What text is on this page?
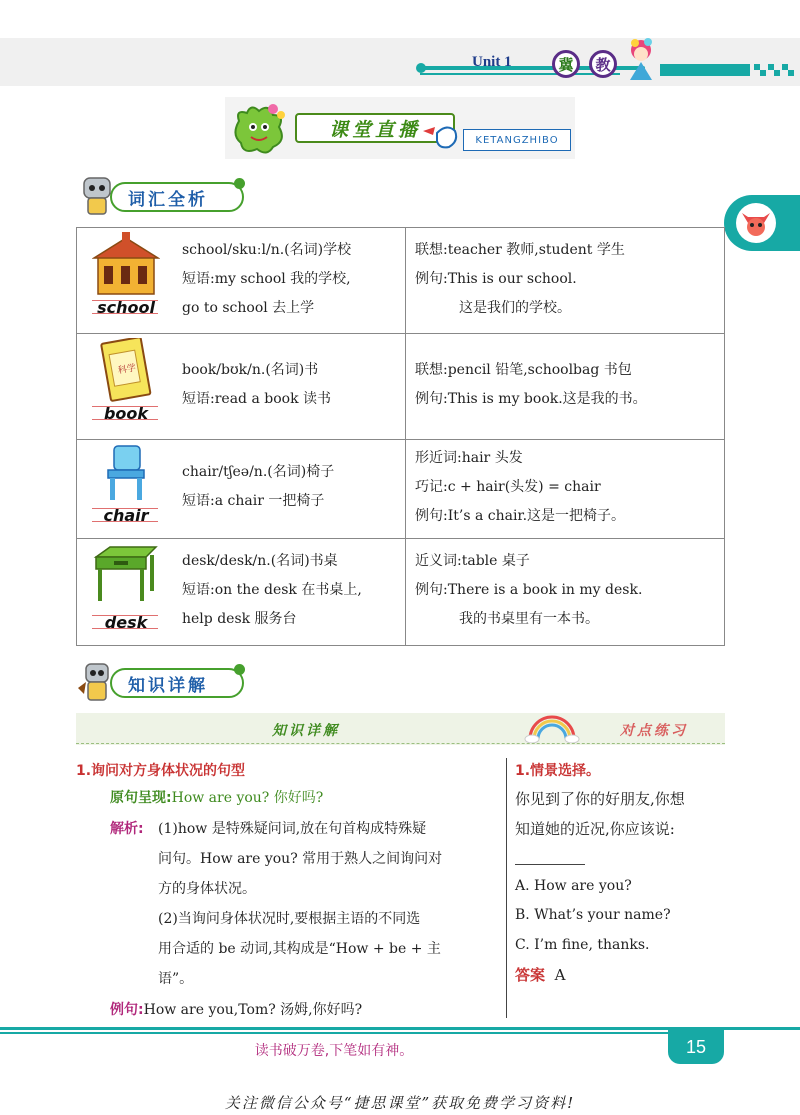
Unit 1	冀	教
课堂直播	KETANGZHIBO
词汇全析
school
school/skuːl/n.(名词)学校
短语:my school 我的学校,
go to school 去上学
联想:teacher 教师,student 学生
例句:This is our school.

这是我们的学校。
科学
book
book/bʊk/n.(名词)书
短语:read a book 读书
联想:pencil 铅笔,schoolbag 书包
例句:This is my book.这是我的书。
chair
chair/tʃeə/n.(名词)椅子
短语:a chair 一把椅子
形近词:hair 头发
巧记:c + hair(头发) = chair
例句:It’s a chair.这是一把椅子。
desk
desk/desk/n.(名词)书桌
短语:on the desk 在书桌上,
help desk 服务台
近义词:table 桌子
例句:There is a book in my desk.

我的书桌里有一本书。
知识详解
知识详解	对点练习
1.询问对方身体状况的句型
原句呈现:How are you? 你好吗?
解析: (1)how 是特殊疑问词,放在句首构成特殊疑
问句。How are you? 常用于熟人之间询问对
方的身体状况。
(2)当询问身体状况时,要根据主语的不同选
用合适的 be 动词,其构成是“How + be + 主
语”。
例句:How are you,Tom? 汤姆,你好吗?
1.情景选择。
你见到了你的好朋友,你想
知道她的近况,你应该说:
A. How are you?
B. What’s your name?
C. I’m fine, thanks.
答案 A
读书破万卷,下笔如有神。	15
关注微信公众号“捷思课堂”获取免费学习资料!
